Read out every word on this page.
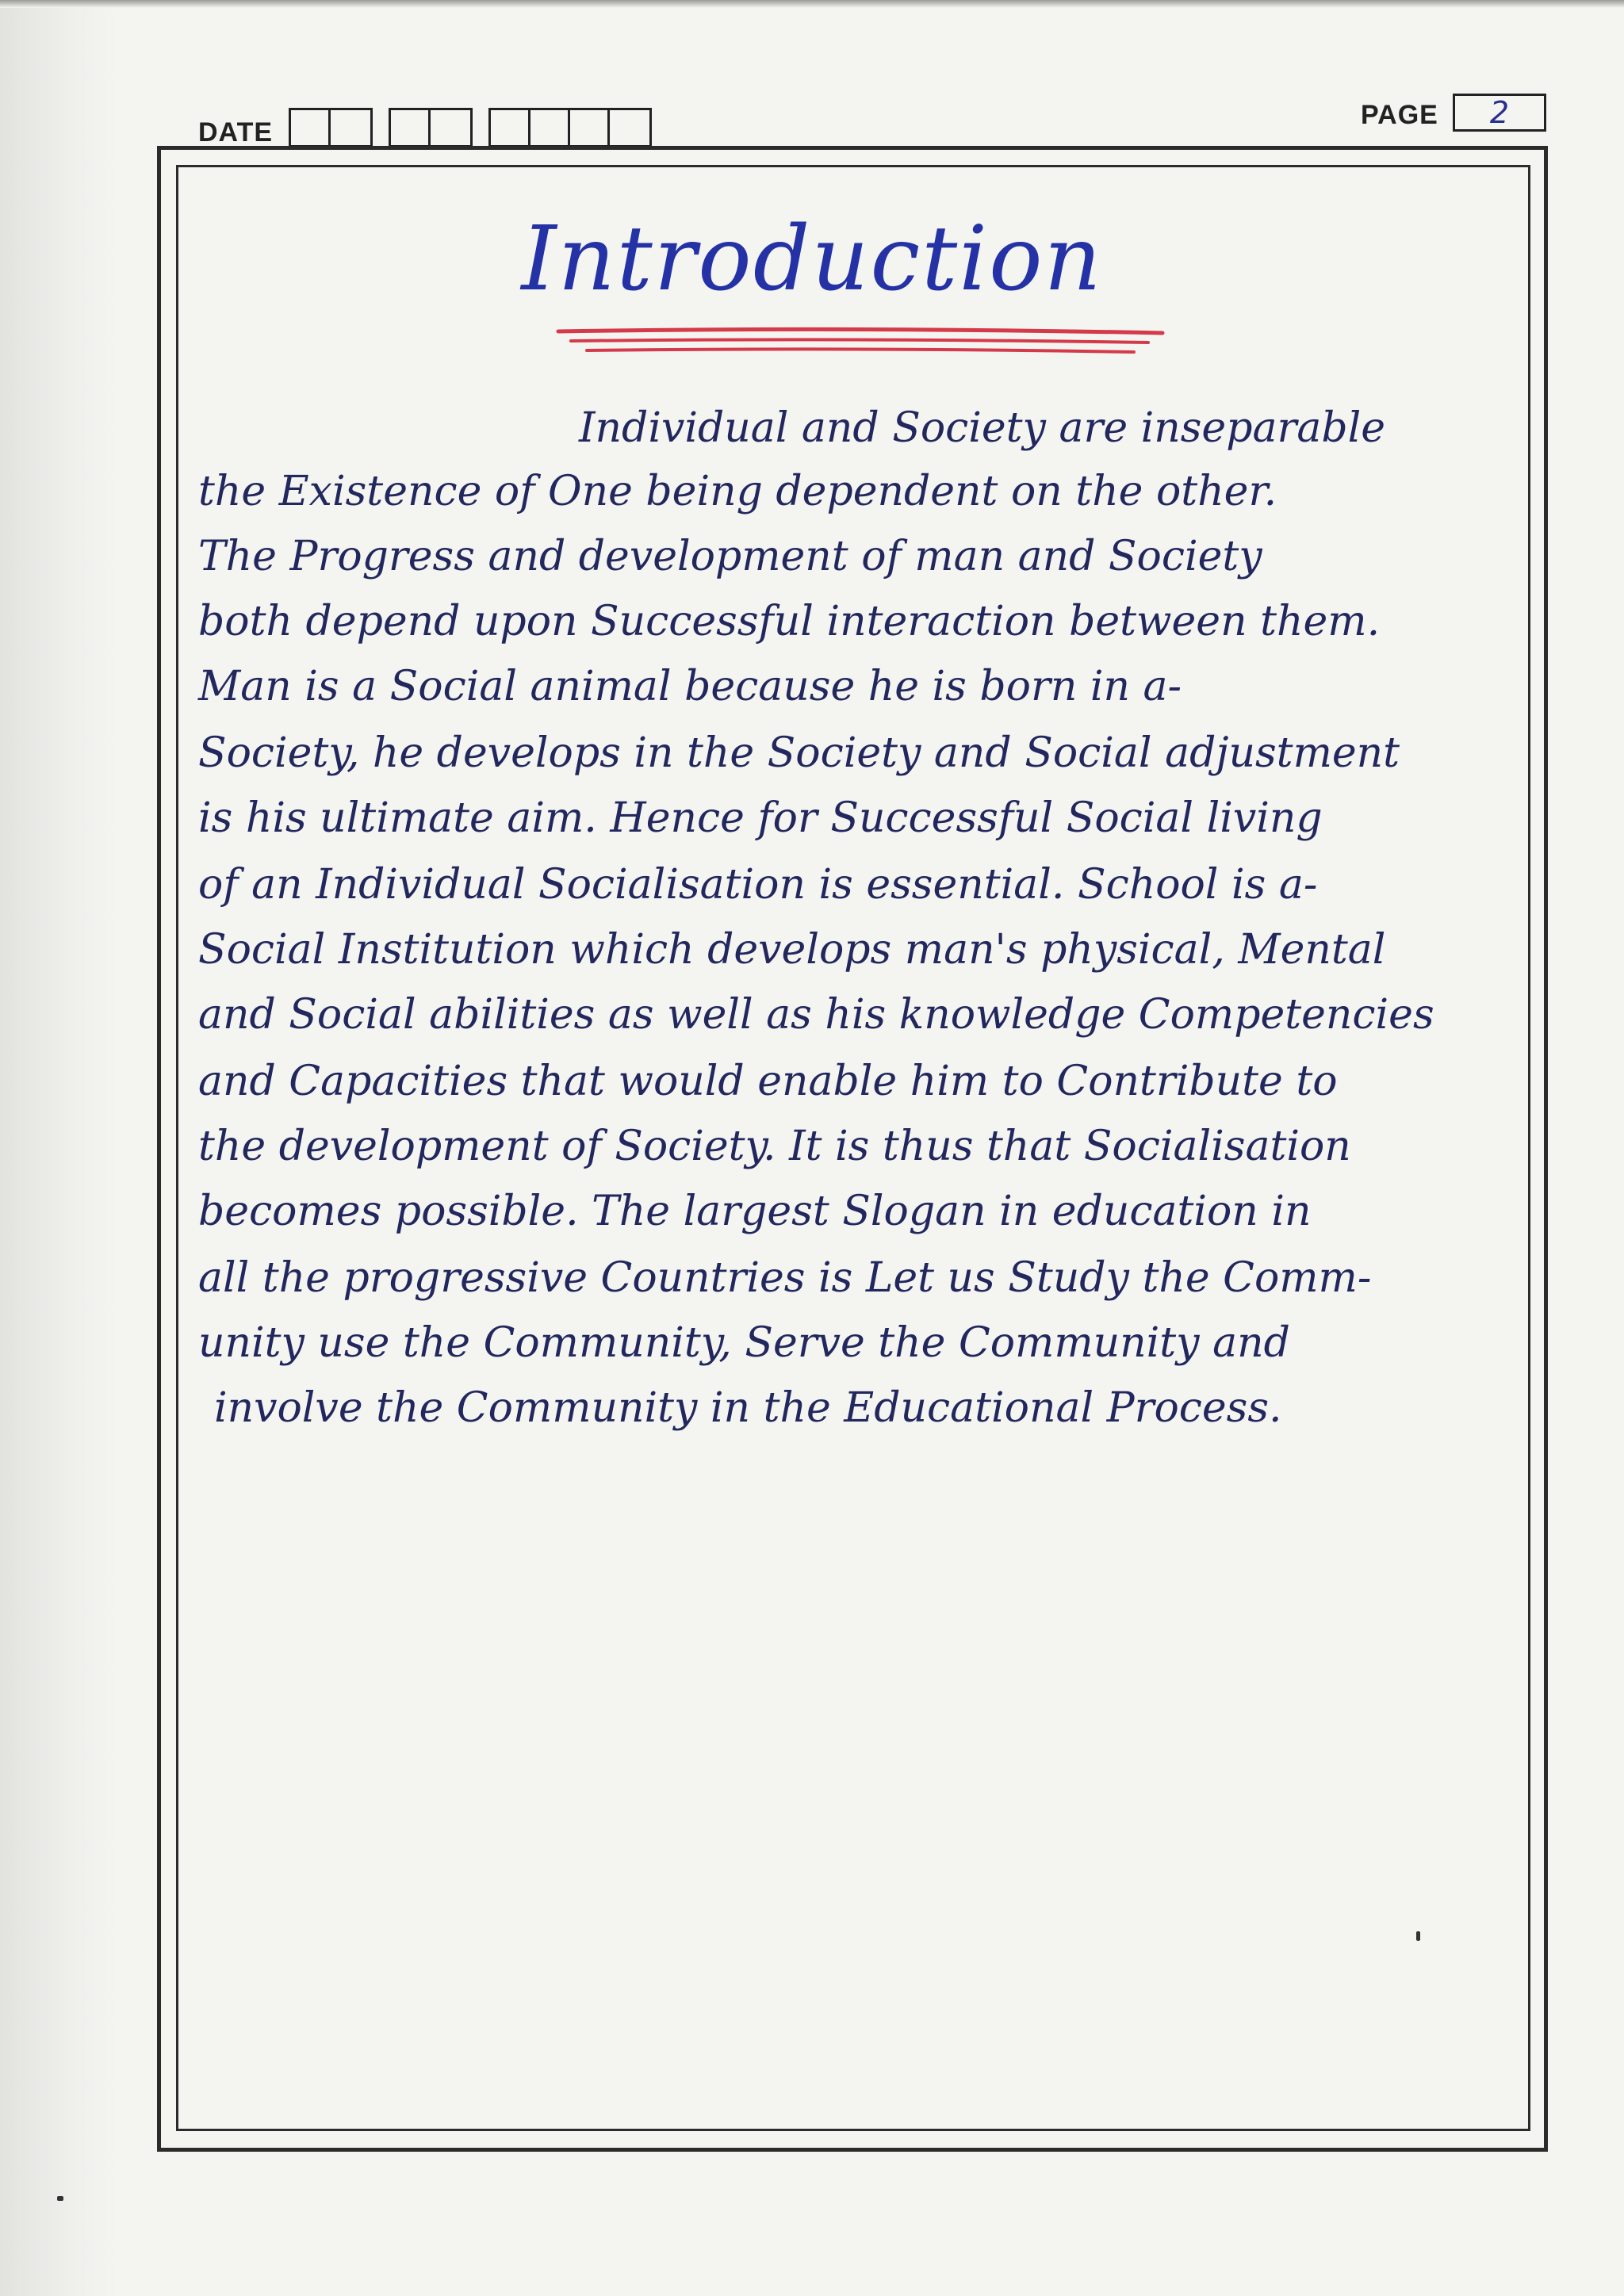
DATE
PAGE	2
Introduction
Individual and Society are inseparable
the Existence of One being dependent on the other.
The Progress and development of man and Society
both depend upon Successful interaction between them.
Man is a Social animal because he is born in a-
Society, he develops in the Society and Social adjustment
is his ultimate aim. Hence for Successful Social living
of an Individual Socialisation is essential. School is a-
Social Institution which develops man's physical, Mental
and Social abilities as well as his knowledge Competencies
and Capacities that would enable him to Contribute to
the development of Society. It is thus that Socialisation
becomes possible. The largest Slogan in education in
all the progressive Countries is Let us Study the Comm-
unity use the Community, Serve the Community and
involve the Community in the Educational Process.
